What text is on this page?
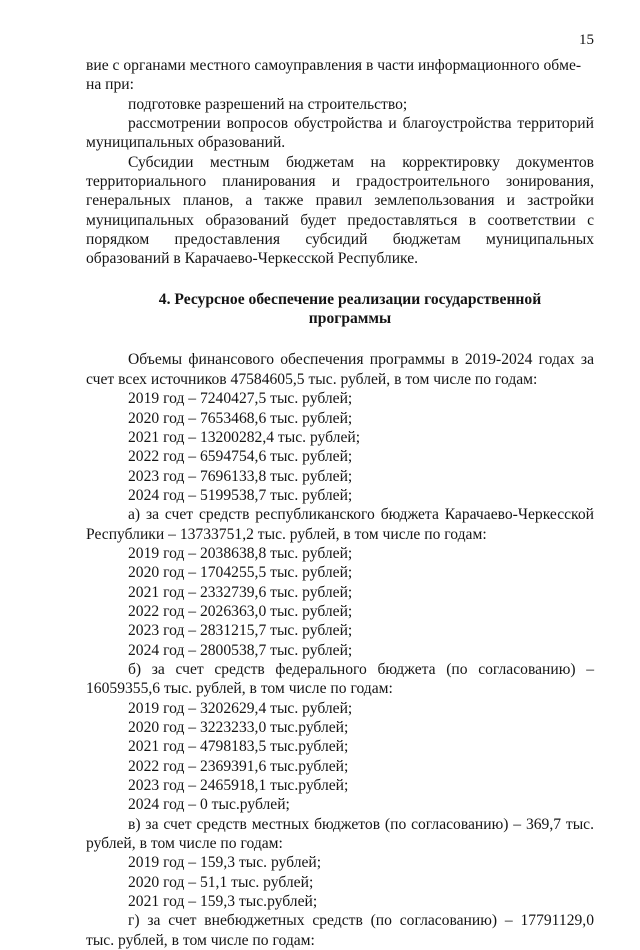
15

вие с органами местного самоуправления в части информационного обме-

на при:

подготовке разрешений на строительство;

рассмотрении вопросов обустройства и благоустройства территорий муниципальных образований.

Субсидии местным бюджетам на корректировку документов территориального планирования и градостроительного зонирования, генеральных планов, а также правил землепользования и застройки муниципальных образований будет предоставляться в соответствии с порядком предоставления субсидий бюджетам муниципальных образований в Карачаево-Черкесской Республике.

4. Ресурсное обеспечение реализации государственной
программы

Объемы финансового обеспечения программы в 2019-2024 годах за счет всех источников 47584605,5 тыс. рублей, в том числе по годам:

2019 год – 7240427,5 тыс. рублей;

2020 год – 7653468,6 тыс. рублей;

2021 год – 13200282,4 тыс. рублей;

2022 год – 6594754,6 тыс. рублей;

2023 год – 7696133,8 тыс. рублей;

2024 год – 5199538,7 тыс. рублей;

а) за счет средств республиканского бюджета Карачаево-Черкесской Республики – 13733751,2 тыс. рублей, в том числе по годам:

2019 год – 2038638,8 тыс. рублей;

2020 год – 1704255,5 тыс. рублей;

2021 год – 2332739,6 тыс. рублей;

2022 год – 2026363,0 тыс. рублей;

2023 год – 2831215,7 тыс. рублей;

2024 год – 2800538,7 тыс. рублей;

б) за счет средств федерального бюджета (по согласованию) – 16059355,6 тыс. рублей, в том числе по годам:

2019 год – 3202629,4 тыс. рублей;

2020 год – 3223233,0 тыс.рублей;

2021 год – 4798183,5 тыс.рублей;

2022 год – 2369391,6 тыс.рублей;

2023 год – 2465918,1 тыс.рублей;

2024 год – 0 тыс.рублей;

в) за счет средств местных бюджетов (по согласованию) – 369,7 тыс. рублей, в том числе по годам:

2019 год – 159,3 тыс. рублей;

2020 год – 51,1 тыс. рублей;

2021 год – 159,3 тыс.рублей;

г) за счет внебюджетных средств (по согласованию) – 17791129,0 тыс. рублей, в том числе по годам:
